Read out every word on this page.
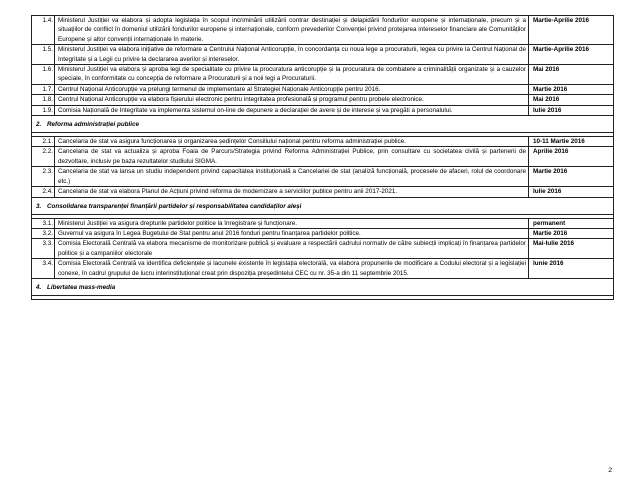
1.4.	Ministerul Justiției va elabora și adopta legislația în scopul incriminării utilizării contrar destinației și delapidării fondurilor europene și internaționale, precum și a situațiilor de conflict în domeniul utilizării fondurilor europene și internaționale, conform prevederilor Convenției privind protejarea intereselor financiare ale Comunităților Europene și altor convenții internaționale în materie.	Martie-Aprilie 2016
1.5.	Ministerul Justiției va elabora inițiative de reformare a Centrului Național Anticorupție, în concordanța cu noua lege a procuraturii, legea cu privire la Centrul Național de Integritate și a Legii cu privire la declararea averilor și intereselor.	Martie-Aprilie 2016
1.6.	Ministerul Justiției va elabora și aproba legi de specialitate cu privire la procuratura anticorupție și la procuratura de combatere a criminalității organizate și a cauzelor speciale, în conformitate cu concepția de reformare a Procuraturii și a noii legi a Procuraturii.	Mai 2016
1.7.	Centrul Național Anticorupție va prelungi termenul de implementare al Strategiei Naționale Anticorupție pentru 2016.	Martie 2016
1.8.	Centrul Național Anticorupție va elabora fișierului electronic pentru integritatea profesională și programul pentru probele electronice.	Mai 2016
1.9.	Comisia Națională de Integritate va implementa sistemul on-line de depunere a declarației de avere și de interese și va pregăti a personalului.	Iulie 2016
2. Reforma administrației publice		

2.1.	Cancelaria de stat va asigura funcționarea și organizarea ședințelor Consiliului național pentru reforma administrației publice.	10-11 Martie 2016
2.2.	Cancelaria de stat va actualiza și aproba Foaia de Parcurs/Strategia privind Reforma Administrației Publice, prin consultare cu societatea civilă și partenerii de dezvoltare, inclusiv pe baza rezultatelor studiului SIGMA.	Aprilie 2016
2.3.	Cancelaria de stat va lansa un studiu independent privind capacitatea instituțională a Cancelariei de stat (analiză funcțională, procesele de afaceri, rolul de coordonare etc.)	Martie 2016
2.4.	Cancelaria de stat va elabora Planul de Acțiuni privind reforma de modernizare a serviciilor publice pentru anii 2017-2021.	Iulie 2016
3. Consolidarea transparenței finanțării partidelor și responsabilitatea candidaților aleși		

3.1.	Ministerul Justiției va asigura drepturile partidelor politice la înregistrare și funcționare.	permanent
3.2.	Guvernul va asigura în Legea Bugetului de Stat pentru anul 2016 fonduri pentru finanțarea partidelor politice.	Martie 2016
3.3.	Comisia Electorală Centrală va elabora mecanisme de monitorizare publică și evaluare a respectării cadrului normativ de către subiecții implicați în finanțarea partidelor politice și a campaniilor electorale	Mai-Iulie 2016
3.4.	Comisia Electorală Centrală va identifica deficiențele și lacunele existente în legislația electorală, va elabora propunerile de modificare a Codului electoral și a legislației conexe, în cadrul grupului de lucru interinstituțional creat prin dispoziția președintelui CEC cu nr. 35-a din 11 septembrie 2015.	Iunie 2016
4. Libertatea mass-media		

2
